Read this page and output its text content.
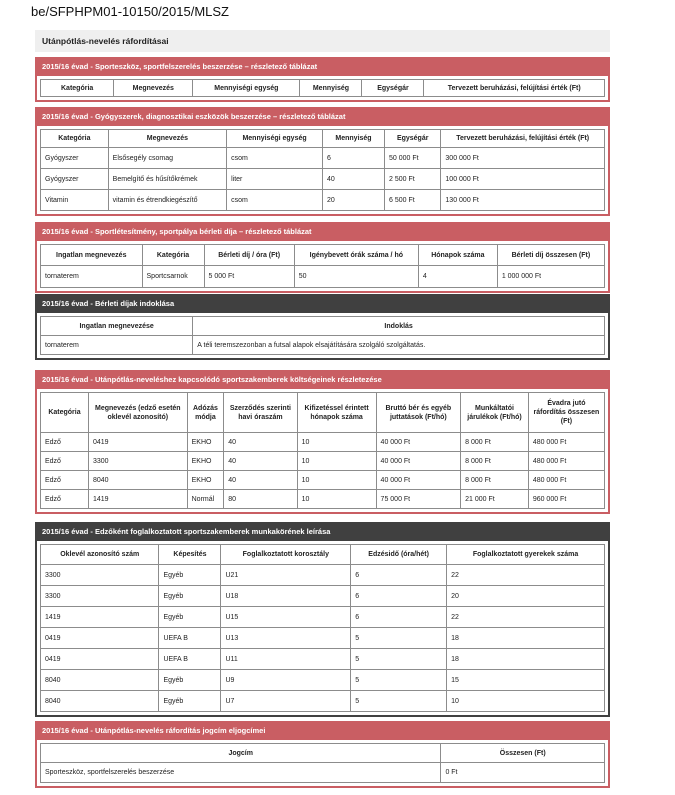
be/SFPHPM01-10150/2015/MLSZ
Utánpótlás-nevelés ráfordításai
2015/16 évad - Sporteszköz, sportfelszerelés beszerzése – részletező táblázat
Kategória	Megnevezés	Mennyiségi egység	Mennyiség	Egységár	Tervezett beruházási, felújítási érték (Ft)
2015/16 évad - Gyógyszerek, diagnosztikai eszközök beszerzése – részletező táblázat
Kategória	Megnevezés	Mennyiségi egység	Mennyiség	Egységár	Tervezett beruházási, felújítási érték (Ft)
Gyógyszer	Elsősegély csomag	csom	6	50 000 Ft	300 000 Ft
Gyógyszer	Bemelgítő és hűsítőkrémek	liter	40	2 500 Ft	100 000 Ft
Vitamin	vitamin és étrendkiegészítő	csom	20	6 500 Ft	130 000 Ft
2015/16 évad - Sportlétesítmény, sportpálya bérleti díja – részletező táblázat
Ingatlan megnevezés	Kategória	Bérleti díj / óra (Ft)	Igénybevett órák száma / hó	Hónapok száma	Bérleti díj összesen (Ft)
tornaterem	Sportcsarnok	5 000 Ft	50	4	1 000 000 Ft
2015/16 évad - Bérleti díjak indoklása
Ingatlan megnevezése	Indoklás
tornaterem	A téli teremszezonban a futsal alapok elsajátítására szolgáló szolgáltatás.
2015/16 évad - Utánpótlás-neveléshez kapcsolódó sportszakemberek költségeinek részletezése
Kategória	Megnevezés (edző esetén oklevél azonosító)	Adózás módja	Szerződés szerinti havi óraszám	Kifizetéssel érintett hónapok száma	Bruttó bér és egyéb juttatások (Ft/hó)	Munkáltatói járulékok (Ft/hó)	Évadra jutó ráfordítás összesen (Ft)
Edző	0419	EKHO	40	10	40 000 Ft	8 000 Ft	480 000 Ft
Edző	3300	EKHO	40	10	40 000 Ft	8 000 Ft	480 000 Ft
Edző	8040	EKHO	40	10	40 000 Ft	8 000 Ft	480 000 Ft
Edző	1419	Normál	80	10	75 000 Ft	21 000 Ft	960 000 Ft
2015/16 évad - Edzőként foglalkoztatott sportszakemberek munkakörének leírása
Oklevél azonosító szám	Képesítés	Foglalkoztatott korosztály	Edzésidő (óra/hét)	Foglalkoztatott gyerekek száma
3300	Egyéb	U21	6	22
3300	Egyéb	U18	6	20
1419	Egyéb	U15	6	22
0419	UEFA B	U13	5	18
0419	UEFA B	U11	5	18
8040	Egyéb	U9	5	15
8040	Egyéb	U7	5	10
2015/16 évad - Utánpótlás-nevelés ráfordítás jogcím eljogcímei
Jogcím	Összesen (Ft)
Sporteszköz, sportfelszerelés beszerzése	0 Ft
